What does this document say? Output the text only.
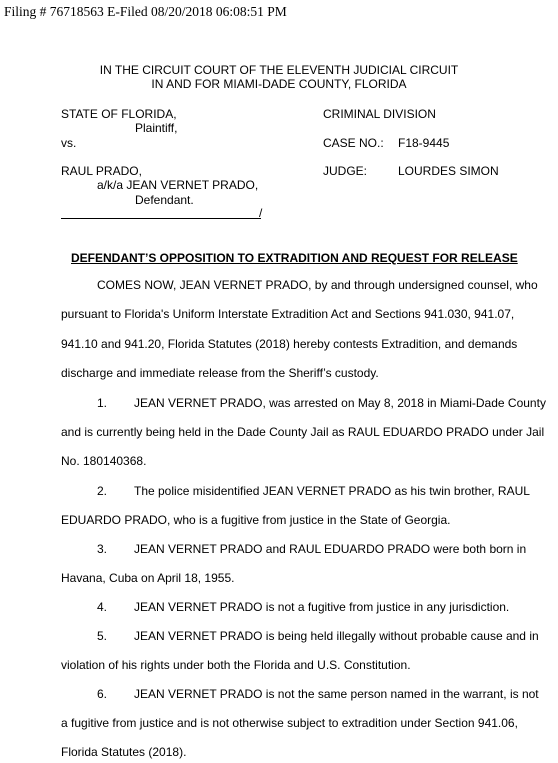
Filing # 76718563 E-Filed 08/20/2018 06:08:51 PM
IN THE CIRCUIT COURT OF THE ELEVENTH JUDICIAL CIRCUIT
IN AND FOR MIAMI-DADE COUNTY, FLORIDA
STATE OF FLORIDA,
Plaintiff,
vs.
RAUL PRADO,
a/k/a JEAN VERNET PRADO,
Defendant.
/
CRIMINAL DIVISION
CASE NO.: F18-9445
JUDGE:	LOURDES SIMON
DEFENDANT’S OPPOSITION TO EXTRADITION AND REQUEST FOR RELEASE
COMES NOW, JEAN VERNET PRADO, by and through undersigned counsel, who
pursuant to Florida's Uniform Interstate Extradition Act and Sections 941.030, 941.07,
941.10 and 941.20, Florida Statutes (2018) hereby contests Extradition, and demands
discharge and immediate release from the Sheriff’s custody.
1. JEAN VERNET PRADO, was arrested on May 8, 2018 in Miami-Dade County
and is currently being held in the Dade County Jail as RAUL EDUARDO PRADO under Jail
No. 180140368.
2. The police misidentified JEAN VERNET PRADO as his twin brother, RAUL
EDUARDO PRADO, who is a fugitive from justice in the State of Georgia.
3. JEAN VERNET PRADO and RAUL EDUARDO PRADO were both born in
Havana, Cuba on April 18, 1955.
4. JEAN VERNET PRADO is not a fugitive from justice in any jurisdiction.
5. JEAN VERNET PRADO is being held illegally without probable cause and in
violation of his rights under both the Florida and U.S. Constitution.
6. JEAN VERNET PRADO is not the same person named in the warrant, is not
a fugitive from justice and is not otherwise subject to extradition under Section 941.06,
Florida Statutes (2018).
